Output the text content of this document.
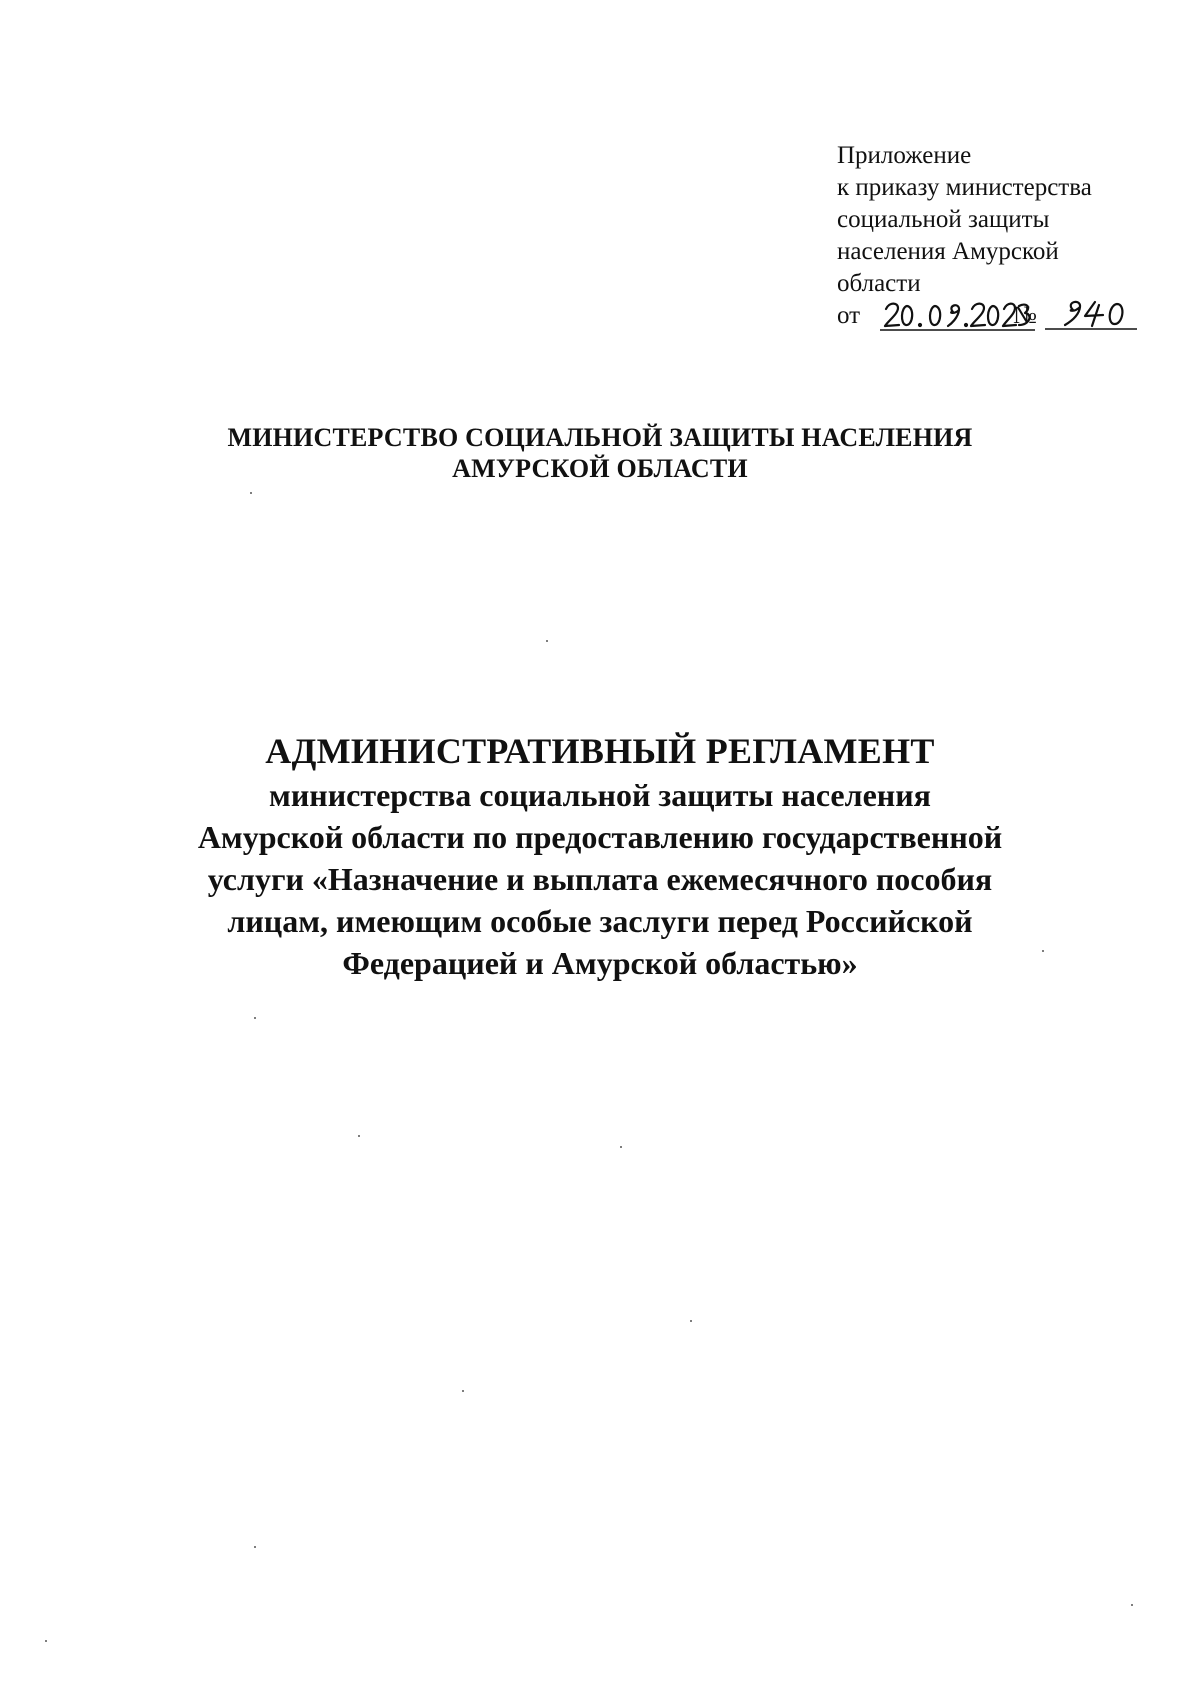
Приложение
к приказу министерства
социальной защиты
населения Амурской
области
от	№
МИНИСТЕРСТВО СОЦИАЛЬНОЙ ЗАЩИТЫ НАСЕЛЕНИЯ
АМУРСКОЙ ОБЛАСТИ
АДМИНИСТРАТИВНЫЙ РЕГЛАМЕНТ
министерства социальной защиты населения
Амурской области по предоставлению государственной
услуги «Назначение и выплата ежемесячного пособия
лицам, имеющим особые заслуги перед Российской
Федерацией и Амурской областью»
